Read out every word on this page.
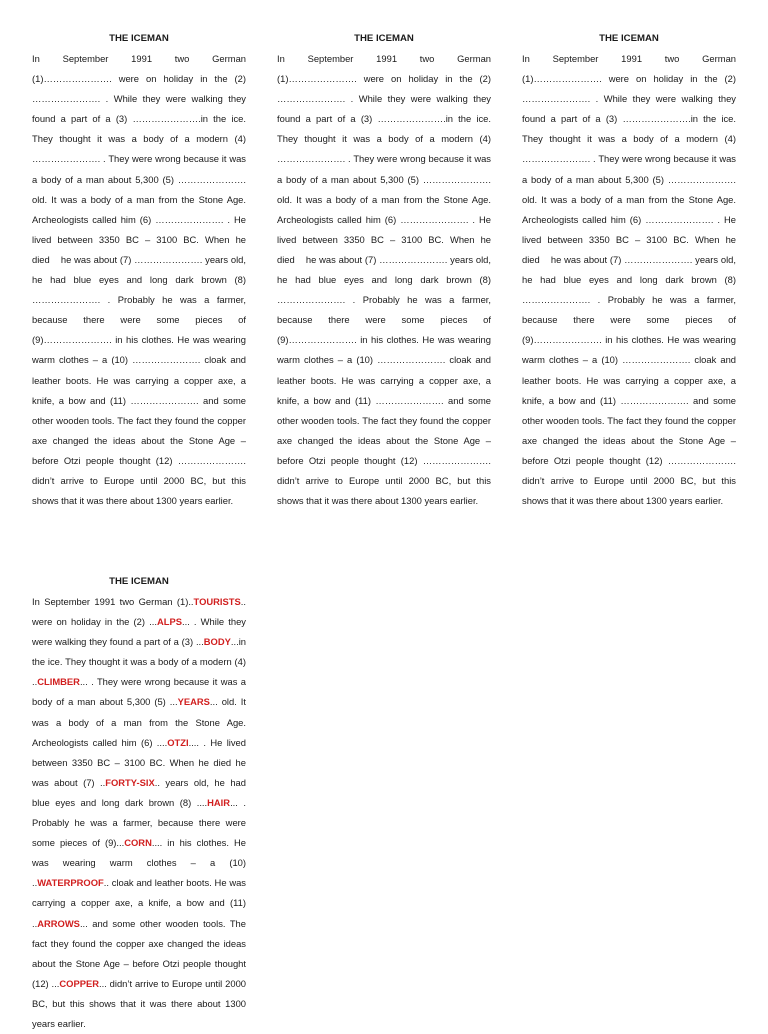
THE ICEMAN

In September 1991 two German (1)…………………. were on holiday in the (2) …………………. . While they were walking they found a part of a (3) ………………….in the ice. They thought it was a body of a modern (4) …………………. . They were wrong because it was a body of a man about 5,300 (5) …………………. old. It was a body of a man from the Stone Age. Archeologists called him (6) …………………. . He lived between 3350 BC – 3100 BC. When he died he was about (7) …………………. years old, he had blue eyes and long dark brown (8) …………………. . Probably he was a farmer, because there were some pieces of (9)…………………. in his clothes. He was wearing warm clothes – a (10) …………………. cloak and leather boots. He was carrying a copper axe, a knife, a bow and (11) …………………. and some other wooden tools. The fact they found the copper axe changed the ideas about the Stone Age – before Otzi people thought (12) …………………. didn’t arrive to Europe until 2000 BC, but this shows that it was there about 1300 years earlier.

THE ICEMAN

In September 1991 two German (1)…………………. were on holiday in the (2) …………………. . While they were walking they found a part of a (3) ………………….in the ice. They thought it was a body of a modern (4) …………………. . They were wrong because it was a body of a man about 5,300 (5) …………………. old. It was a body of a man from the Stone Age. Archeologists called him (6) …………………. . He lived between 3350 BC – 3100 BC. When he died he was about (7) …………………. years old, he had blue eyes and long dark brown (8) …………………. . Probably he was a farmer, because there were some pieces of (9)…………………. in his clothes. He was wearing warm clothes – a (10) …………………. cloak and leather boots. He was carrying a copper axe, a knife, a bow and (11) …………………. and some other wooden tools. The fact they found the copper axe changed the ideas about the Stone Age – before Otzi people thought (12) …………………. didn’t arrive to Europe until 2000 BC, but this shows that it was there about 1300 years earlier.

THE ICEMAN

In September 1991 two German (1)…………………. were on holiday in the (2) …………………. . While they were walking they found a part of a (3) ………………….in the ice. They thought it was a body of a modern (4) …………………. . They were wrong because it was a body of a man about 5,300 (5) …………………. old. It was a body of a man from the Stone Age. Archeologists called him (6) …………………. . He lived between 3350 BC – 3100 BC. When he died he was about (7) …………………. years old, he had blue eyes and long dark brown (8) …………………. . Probably he was a farmer, because there were some pieces of (9)…………………. in his clothes. He was wearing warm clothes – a (10) …………………. cloak and leather boots. He was carrying a copper axe, a knife, a bow and (11) …………………. and some other wooden tools. The fact they found the copper axe changed the ideas about the Stone Age – before Otzi people thought (12) …………………. didn’t arrive to Europe until 2000 BC, but this shows that it was there about 1300 years earlier.

THE ICEMAN

In September 1991 two German (1)..TOURISTS.. were on holiday in the (2) ...ALPS... . While they were walking they found a part of a (3) ...BODY...in the ice. They thought it was a body of a modern (4) ..CLIMBER... . They were wrong because it was a body of a man about 5,300 (5) ...YEARS... old. It was a body of a man from the Stone Age. Archeologists called him (6) ....OTZI.... . He lived between 3350 BC – 3100 BC. When he died he was about (7) ..FORTY-SIX.. years old, he had blue eyes and long dark brown (8) ....HAIR... . Probably he was a farmer, because there were some pieces of (9)...CORN.... in his clothes. He was wearing warm clothes – a (10) ..WATERPROOF.. cloak and leather boots. He was carrying a copper axe, a knife, a bow and (11) ..ARROWS... and some other wooden tools. The fact they found the copper axe changed the ideas about the Stone Age – before Otzi people thought (12) ...COPPER... didn’t arrive to Europe until 2000 BC, but this shows that it was there about 1300 years earlier.
